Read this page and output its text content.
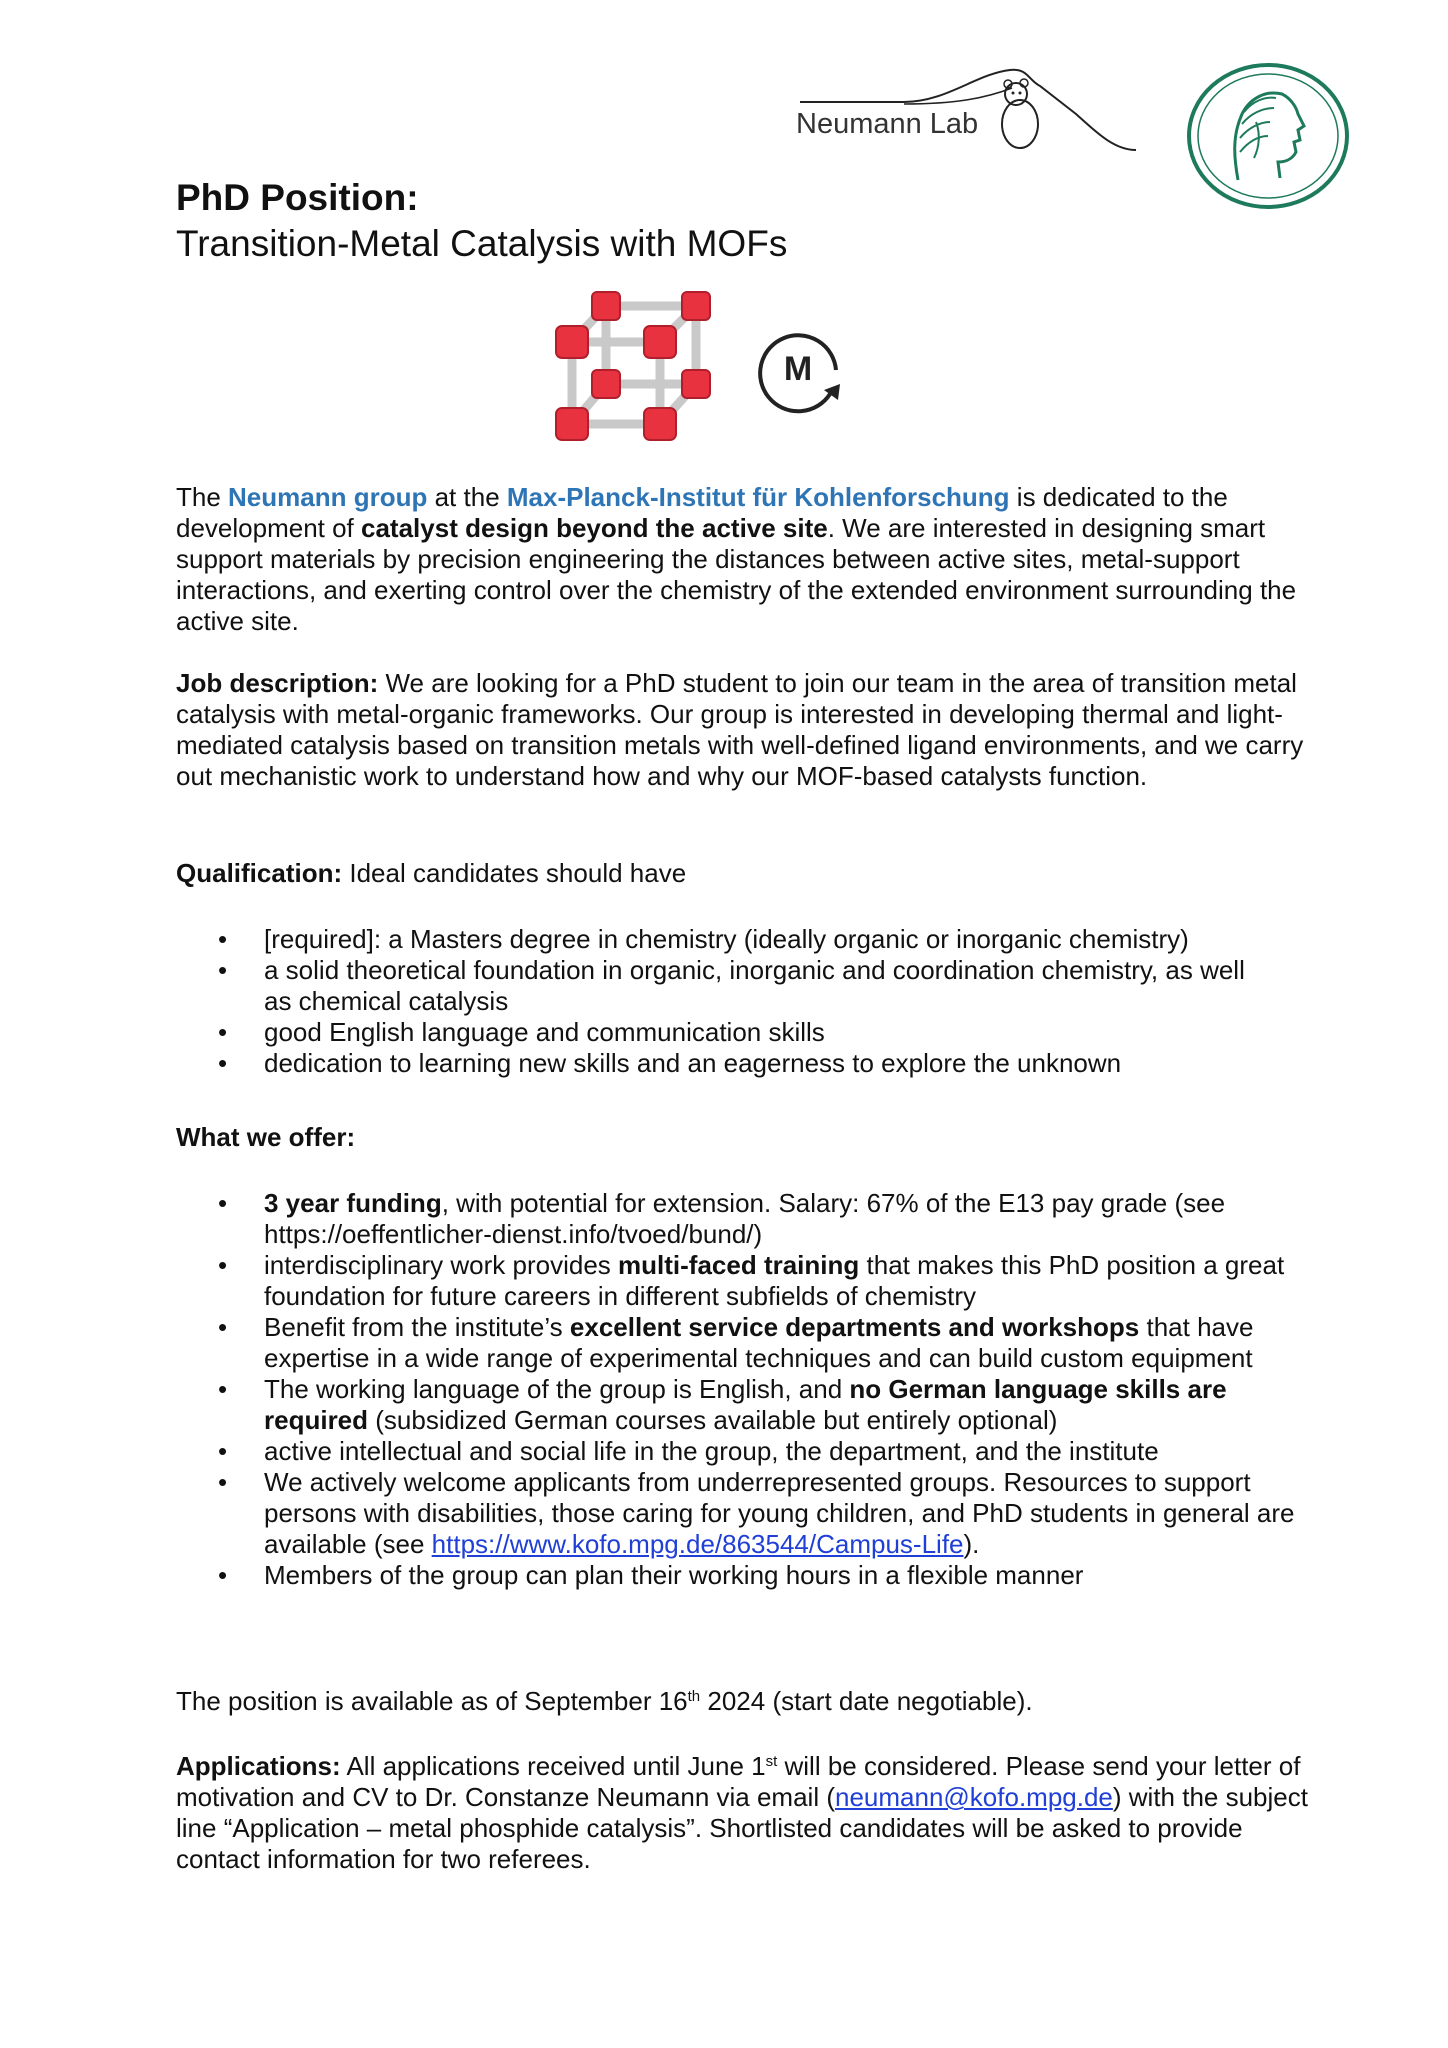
Neumann Lab
PhD Position:
Transition-Metal Catalysis with MOFs
M
The Neumann group at the Max-Planck-Institut für Kohlenforschung is dedicated to the development of catalyst design beyond the active site. We are interested in designing smart support materials by precision engineering the distances between active sites, metal-support interactions, and exerting control over the chemistry of the extended environment surrounding the active site.
Job description: We are looking for a PhD student to join our team in the area of transition metal catalysis with metal-organic frameworks. Our group is interested in developing thermal and light-mediated catalysis based on transition metals with well-defined ligand environments, and we carry out mechanistic work to understand how and why our MOF-based catalysts function.
Qualification: Ideal candidates should have
• [required]: a Masters degree in chemistry (ideally organic or inorganic chemistry)
• a solid theoretical foundation in organic, inorganic and coordination chemistry, as well as chemical catalysis
• good English language and communication skills
• dedication to learning new skills and an eagerness to explore the unknown
What we offer:
• 3 year funding, with potential for extension. Salary: 67% of the E13 pay grade (see https://oeffentlicher-dienst.info/tvoed/bund/)
• interdisciplinary work provides multi-faced training that makes this PhD position a great foundation for future careers in different subfields of chemistry
• Benefit from the institute’s excellent service departments and workshops that have expertise in a wide range of experimental techniques and can build custom equipment
• The working language of the group is English, and no German language skills are required (subsidized German courses available but entirely optional)
• active intellectual and social life in the group, the department, and the institute
• We actively welcome applicants from underrepresented groups. Resources to support persons with disabilities, those caring for young children, and PhD students in general are available (see https://www.kofo.mpg.de/863544/Campus-Life).
• Members of the group can plan their working hours in a flexible manner
The position is available as of September 16th 2024 (start date negotiable).
Applications: All applications received until June 1st will be considered. Please send your letter of motivation and CV to Dr. Constanze Neumann via email (neumann@kofo.mpg.de) with the subject line “Application – metal phosphide catalysis”. Shortlisted candidates will be asked to provide contact information for two referees.
